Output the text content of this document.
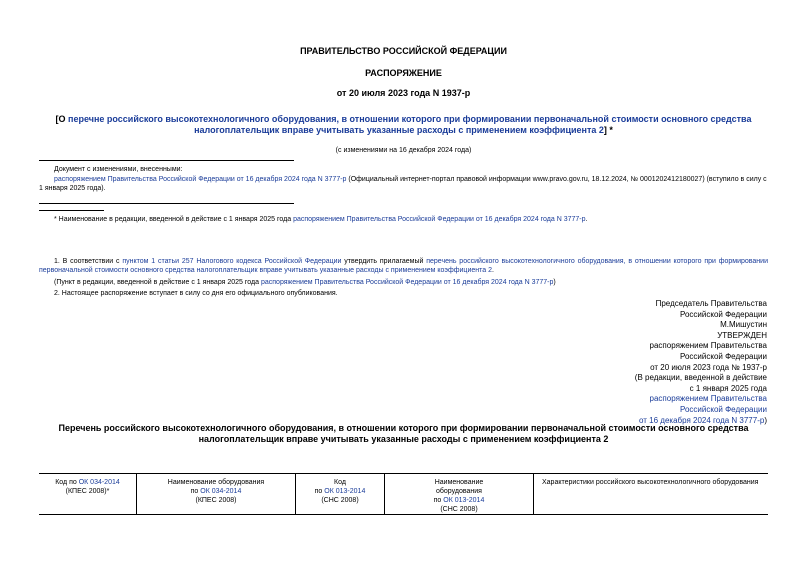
ПРАВИТЕЛЬСТВО РОССИЙСКОЙ ФЕДЕРАЦИИ
РАСПОРЯЖЕНИЕ
от 20 июля 2023 года N 1937-р
[О перечне российского высокотехнологичного оборудования, в отношении которого при формировании первоначальной стоимости основного средства налогоплательщик вправе учитывать указанные расходы с применением коэффициента 2] *
(с изменениями на 16 декабря 2024 года)
Документ с изменениями, внесенными:
распоряжением Правительства Российской Федерации от 16 декабря 2024 года N 3777-р (Официальный интернет-портал правовой информации www.pravo.gov.ru, 18.12.2024, № 0001202412180027) (вступило в силу с 1 января 2025 года).
* Наименование в редакции, введенной в действие с 1 января 2025 года распоряжением Правительства Российской Федерации от 16 декабря 2024 года N 3777-р.
1. В соответствии с пунктом 1 статьи 257 Налогового кодекса Российской Федерации утвердить прилагаемый перечень российского высокотехнологичного оборудования, в отношении которого при формировании первоначальной стоимости основного средства налогоплательщик вправе учитывать указанные расходы с применением коэффициента 2.
(Пункт в редакции, введенной в действие с 1 января 2025 года распоряжением Правительства Российской Федерации от 16 декабря 2024 года N 3777-р)
2. Настоящее распоряжение вступает в силу со дня его официального опубликования.
Председатель Правительства
Российской Федерации
М.Мишустин
УТВЕРЖДЕН
распоряжением Правительства
Российской Федерации
от 20 июля 2023 года № 1937-р
(В редакции, введенной в действие
с 1 января 2025 года
распоряжением Правительства
Российской Федерации
от 16 декабря 2024 года N 3777-р)
Перечень российского высокотехнологичного оборудования, в отношении которого при формировании первоначальной стоимости основного средства налогоплательщик вправе учитывать указанные расходы с применением коэффициента 2
Код по ОК 034-2014
(КПЕС 2008)*	Наименование оборудования
по ОК 034-2014
(КПЕС 2008)	Код
по ОК 013-2014
(СНС 2008)	Наименование
оборудования
по ОК 013-2014
(СНС 2008)	Характеристики российского высокотехнологичного оборудования
